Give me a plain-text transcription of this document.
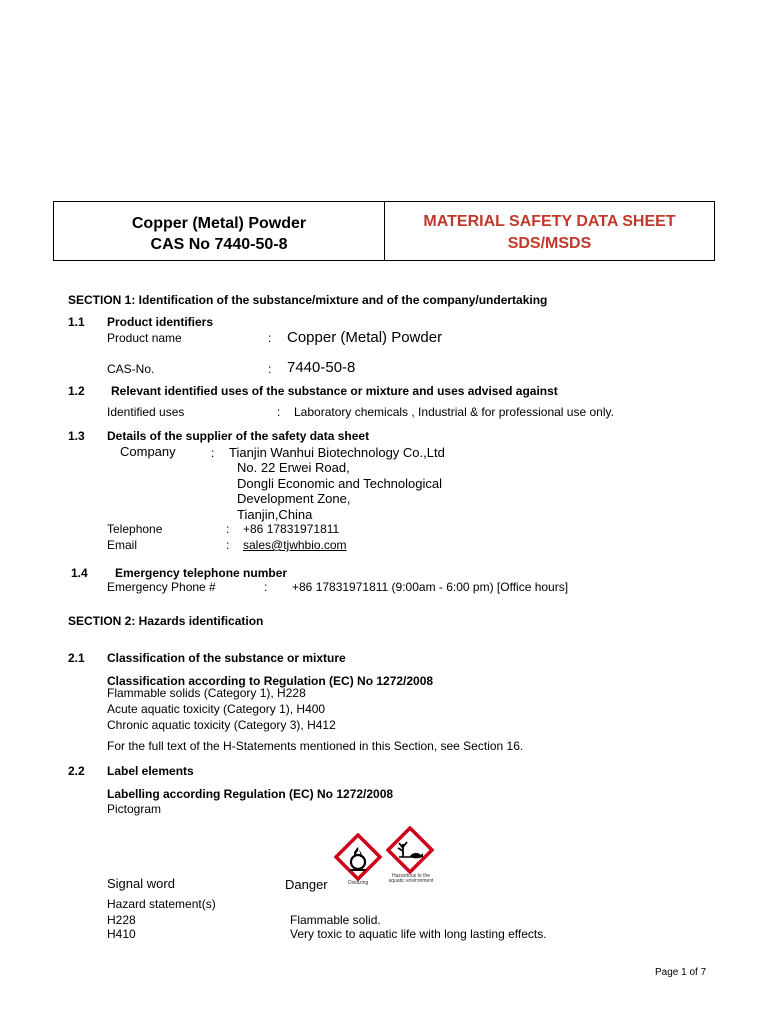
Copper (Metal) Powder
CAS No 7440-50-8
MATERIAL SAFETY DATA SHEET
SDS/MSDS
SECTION 1: Identification of the substance/mixture and of the company/undertaking
1.1 Product identifiers
Product name	: Copper (Metal) Powder
CAS-No.	: 7440-50-8
1.2 Relevant identified uses of the substance or mixture and uses advised against
Identified uses	: Laboratory chemicals , Industrial & for professional use only.
1.3 Details of the supplier of the safety data sheet
Company	: Tianjin Wanhui Biotechnology Co.,Ltd
No. 22 Erwei Road,
Dongli Economic and Technological
Development Zone,
Tianjin,China
Telephone	: +86 17831971811
Email	: sales@tjwhbio.com
1.4 Emergency telephone number
Emergency Phone #	: +86 17831971811 (9:00am - 6:00 pm) [Office hours]
SECTION 2: Hazards identification
2.1 Classification of the substance or mixture
Classification according to Regulation (EC) No 1272/2008
Flammable solids (Category 1), H228
Acute aquatic toxicity (Category 1), H400
Chronic aquatic toxicity (Category 3), H412
For the full text of the H-Statements mentioned in this Section, see Section 16.
2.2 Label elements
Labelling according Regulation (EC) No 1272/2008
Pictogram
Oxidizing
Hazardous to the aquatic environment
Signal word	Danger
Hazard statement(s)
H228	Flammable solid.
H410	Very toxic to aquatic life with long lasting effects.
Page 1 of 7
